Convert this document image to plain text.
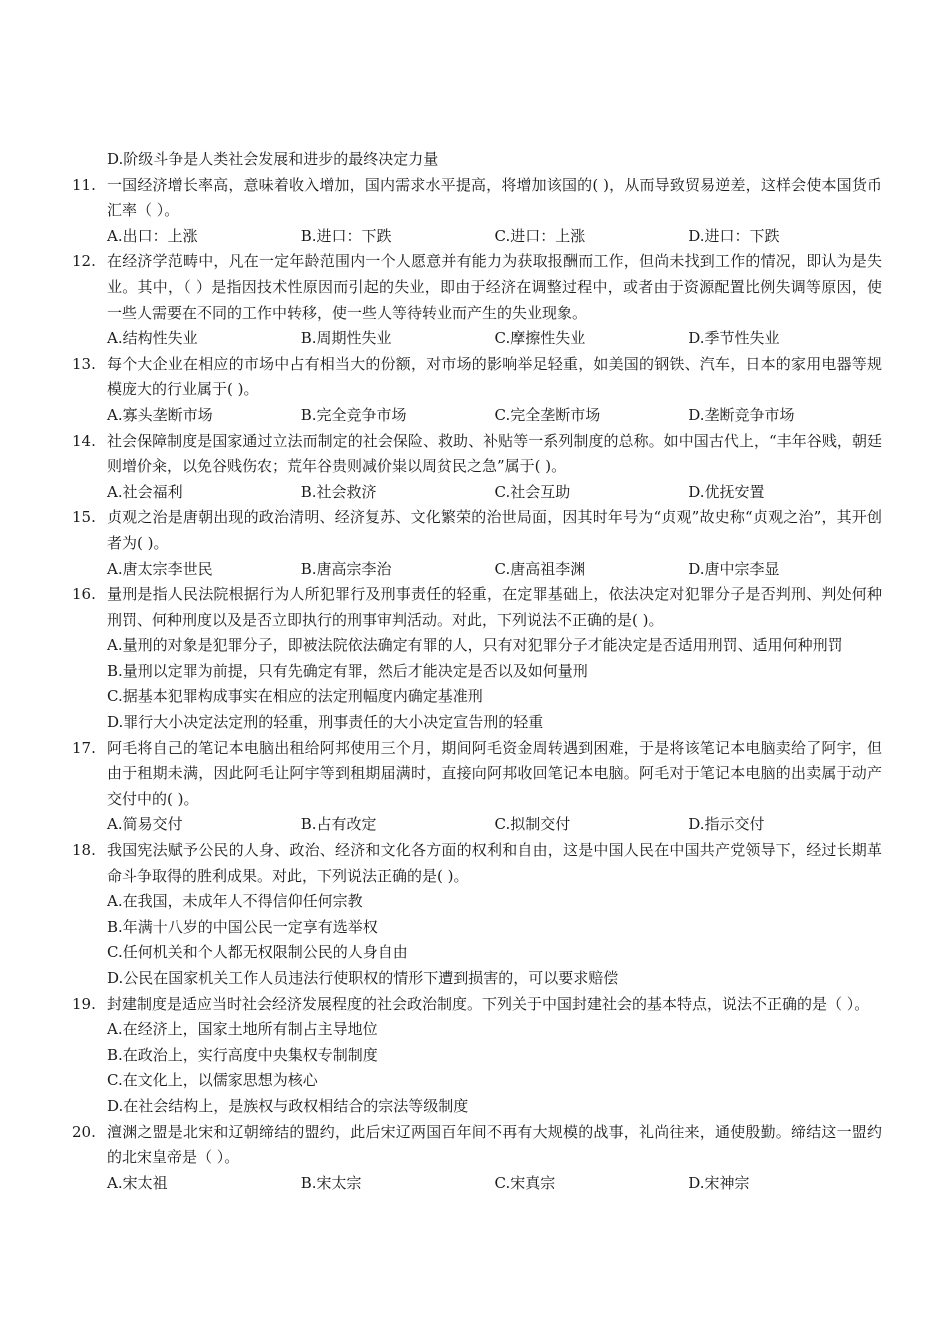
D.阶级斗争是人类社会发展和进步的最终决定力量
11. 一国经济增长率高，意味着收入增加，国内需求水平提高，将增加该国的( )，从而导致贸易逆差，这样会使本国货币汇率（ ）。
A.出口：上涨	B.进口：下跌	C.进口：上涨	D.进口：下跌
12. 在经济学范畴中，凡在一定年龄范围内一个人愿意并有能力为获取报酬而工作，但尚未找到工作的情况，即认为是失业。其中，（ ）是指因技术性原因而引起的失业，即由于经济在调整过程中，或者由于资源配置比例失调等原因，使一些人需要在不同的工作中转移，使一些人等待转业而产生的失业现象。
A.结构性失业	B.周期性失业	C.摩擦性失业	D.季节性失业
13. 每个大企业在相应的市场中占有相当大的份额，对市场的影响举足轻重，如美国的钢铁、汽车，日本的家用电器等规模庞大的行业属于( )。
A.寡头垄断市场	B.完全竞争市场	C.完全垄断市场	D.垄断竞争市场
14. 社会保障制度是国家通过立法而制定的社会保险、救助、补贴等一系列制度的总称。如中国古代上，“丰年谷贱，朝廷则增价籴，以免谷贱伤农；荒年谷贵则减价粜以周贫民之急”属于( )。
A.社会福利	B.社会救济	C.社会互助	D.优抚安置
15. 贞观之治是唐朝出现的政治清明、经济复苏、文化繁荣的治世局面，因其时年号为“贞观”故史称“贞观之治”，其开创者为( )。
A.唐太宗李世民	B.唐高宗李治	C.唐高祖李渊	D.唐中宗李显
16. 量刑是指人民法院根据行为人所犯罪行及刑事责任的轻重，在定罪基础上，依法决定对犯罪分子是否判刑、判处何种刑罚、何种刑度以及是否立即执行的刑事审判活动。对此，下列说法不正确的是( )。
A.量刑的对象是犯罪分子，即被法院依法确定有罪的人，只有对犯罪分子才能决定是否适用刑罚、适用何种刑罚
B.量刑以定罪为前提，只有先确定有罪，然后才能决定是否以及如何量刑
C.据基本犯罪构成事实在相应的法定刑幅度内确定基准刑
D.罪行大小决定法定刑的轻重，刑事责任的大小决定宣告刑的轻重
17. 阿毛将自己的笔记本电脑出租给阿邦使用三个月，期间阿毛资金周转遇到困难，于是将该笔记本电脑卖给了阿宇，但由于租期未满，因此阿毛让阿宇等到租期届满时，直接向阿邦收回笔记本电脑。阿毛对于笔记本电脑的出卖属于动产交付中的( )。
A.简易交付	B.占有改定	C.拟制交付	D.指示交付
18. 我国宪法赋予公民的人身、政治、经济和文化各方面的权利和自由，这是中国人民在中国共产党领导下，经过长期革命斗争取得的胜利成果。对此，下列说法正确的是( )。
A.在我国，未成年人不得信仰任何宗教
B.年满十八岁的中国公民一定享有选举权
C.任何机关和个人都无权限制公民的人身自由
D.公民在国家机关工作人员违法行使职权的情形下遭到损害的，可以要求赔偿
19. 封建制度是适应当时社会经济发展程度的社会政治制度。下列关于中国封建社会的基本特点，说法不正确的是（ ）。
A.在经济上，国家土地所有制占主导地位
B.在政治上，实行高度中央集权专制制度
C.在文化上，以儒家思想为核心
D.在社会结构上，是族权与政权相结合的宗法等级制度
20. 澶渊之盟是北宋和辽朝缔结的盟约，此后宋辽两国百年间不再有大规模的战事，礼尚往来，通使殷勤。缔结这一盟约的北宋皇帝是（ ）。
A.宋太祖	B.宋太宗	C.宋真宗	D.宋神宗
